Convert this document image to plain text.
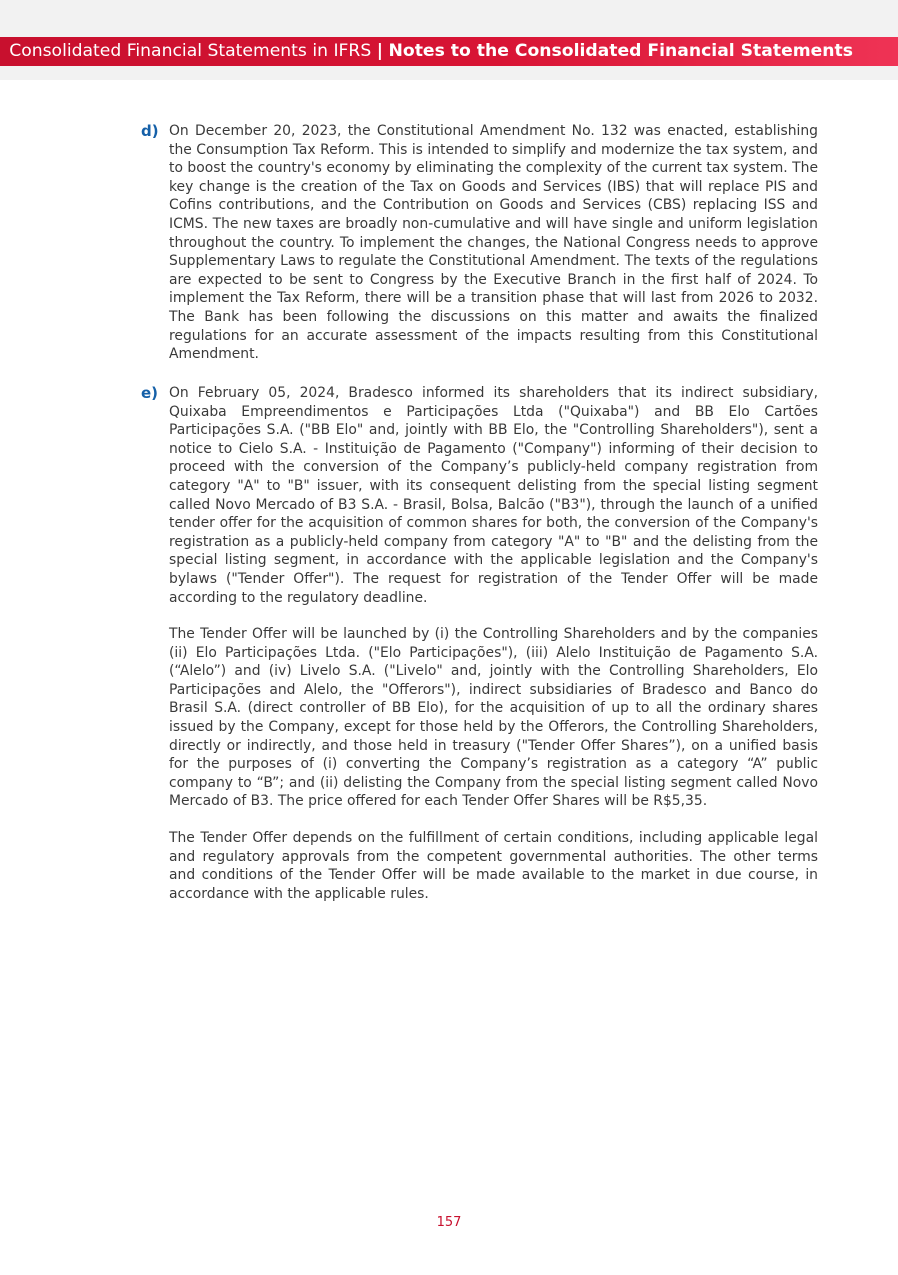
Consolidated Financial Statements in IFRS | Notes to the Consolidated Financial Statements
d) On December 20, 2023, the Constitutional Amendment No. 132 was enacted, establishing the Consumption Tax Reform. This is intended to simplify and modernize the tax system, and to boost the country's economy by eliminating the complexity of the current tax system. The key change is the creation of the Tax on Goods and Services (IBS) that will replace PIS and Cofins contributions, and the Contribution on Goods and Services (CBS) replacing ISS and ICMS. The new taxes are broadly non-cumulative and will have single and uniform legislation throughout the country. To implement the changes, the National Congress needs to approve Supplementary Laws to regulate the Constitutional Amendment. The texts of the regulations are expected to be sent to Congress by the Executive Branch in the first half of 2024. To implement the Tax Reform, there will be a transition phase that will last from 2026 to 2032. The Bank has been following the discussions on this matter and awaits the finalized regulations for an accurate assessment of the impacts resulting from this Constitutional Amendment.

e) On February 05, 2024, Bradesco informed its shareholders that its indirect subsidiary, Quixaba Empreendimentos e Participações Ltda ("Quixaba") and BB Elo Cartões Participações S.A. ("BB Elo" and, jointly with BB Elo, the "Controlling Shareholders"), sent a notice to Cielo S.A. - Instituição de Pagamento ("Company") informing of their decision to proceed with the conversion of the Company’s publicly-held company registration from category "A" to "B" issuer, with its consequent delisting from the special listing segment called Novo Mercado of B3 S.A. - Brasil, Bolsa, Balcão ("B3"), through the launch of a unified tender offer for the acquisition of common shares for both, the conversion of the Company's registration as a publicly-held company from category "A" to "B" and the delisting from the special listing segment, in accordance with the applicable legislation and the Company's bylaws ("Tender Offer"). The request for registration of the Tender Offer will be made according to the regulatory deadline.

The Tender Offer will be launched by (i) the Controlling Shareholders and by the companies (ii) Elo Participações Ltda. ("Elo Participações"), (iii) Alelo Instituição de Pagamento S.A. (“Alelo”) and (iv) Livelo S.A. ("Livelo" and, jointly with the Controlling Shareholders, Elo Participações and Alelo, the "Offerors"), indirect subsidiaries of Bradesco and Banco do Brasil S.A. (direct controller of BB Elo), for the acquisition of up to all the ordinary shares issued by the Company, except for those held by the Offerors, the Controlling Shareholders, directly or indirectly, and those held in treasury ("Tender Offer Shares”), on a unified basis for the purposes of (i) converting the Company’s registration as a category “A” public company to “B”; and (ii) delisting the Company from the special listing segment called Novo Mercado of B3. The price offered for each Tender Offer Shares will be R$5,35.

The Tender Offer depends on the fulfillment of certain conditions, including applicable legal and regulatory approvals from the competent governmental authorities. The other terms and conditions of the Tender Offer will be made available to the market in due course, in accordance with the applicable rules.

157
